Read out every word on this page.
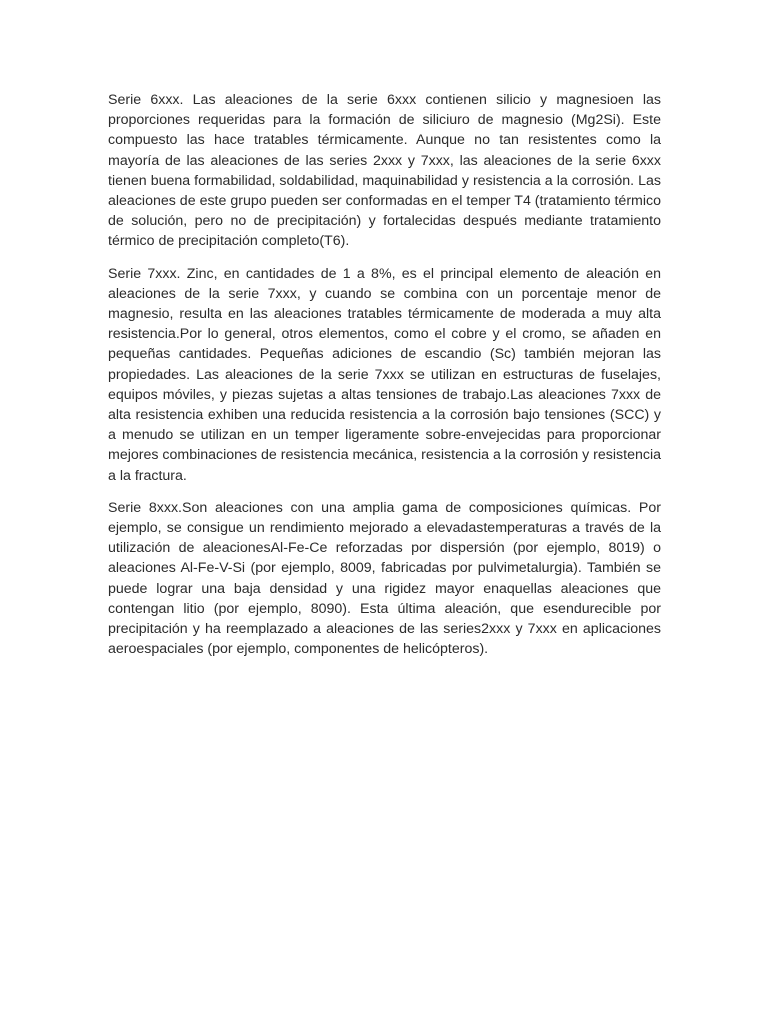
Serie 6xxx. Las aleaciones de la serie 6xxx contienen silicio y magnesioen las proporciones requeridas para la formación de siliciuro de magnesio (Mg2Si). Este compuesto las hace tratables térmicamente. Aunque no tan resistentes como la mayoría de las aleaciones de las series 2xxx y 7xxx, las aleaciones de la serie 6xxx tienen buena formabilidad, soldabilidad, maquinabilidad y resistencia a la corrosión. Las aleaciones de este grupo pueden ser conformadas en el temper T4 (tratamiento térmico de solución, pero no de precipitación) y fortalecidas después mediante tratamiento térmico de precipitación completo(T6).

Serie 7xxx. Zinc, en cantidades de 1 a 8%, es el principal elemento de aleación en aleaciones de la serie 7xxx, y cuando se combina con un porcentaje menor de magnesio, resulta en las aleaciones tratables térmicamente de moderada a muy alta resistencia.Por lo general, otros elementos, como el cobre y el cromo, se añaden en pequeñas cantidades. Pequeñas adiciones de escandio (Sc) también mejoran las propiedades. Las aleaciones de la serie 7xxx se utilizan en estructuras de fuselajes, equipos móviles, y piezas sujetas a altas tensiones de trabajo.Las aleaciones 7xxx de alta resistencia exhiben una reducida resistencia a la corrosión bajo tensiones (SCC) y a menudo se utilizan en un temper ligeramente sobre-envejecidas para proporcionar mejores combinaciones de resistencia mecánica, resistencia a la corrosión y resistencia a la fractura.

Serie 8xxx.Son aleaciones con una amplia gama de composiciones químicas. Por ejemplo, se consigue un rendimiento mejorado a elevadastemperaturas a través de la utilización de aleacionesAl-Fe-Ce reforzadas por dispersión (por ejemplo, 8019) o aleaciones Al-Fe-V-Si (por ejemplo, 8009, fabricadas por pulvimetalurgia). También se puede lograr una baja densidad y una rigidez mayor enaquellas aleaciones que contengan litio (por ejemplo, 8090). Esta última aleación, que esendurecible por precipitación y ha reemplazado a aleaciones de las series2xxx y 7xxx en aplicaciones aeroespaciales (por ejemplo, componentes de helicópteros).
